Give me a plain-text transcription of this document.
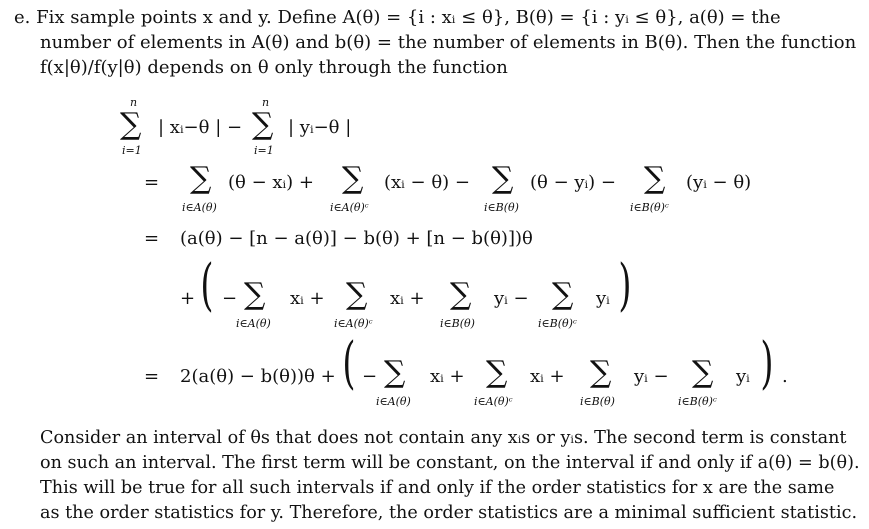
e. Fix sample points x and y. Define A(θ) = {i : xᵢ ≤ θ}, B(θ) = {i : yᵢ ≤ θ}, a(θ) = the
number of elements in A(θ) and b(θ) = the number of elements in B(θ). Then the function
f(x|θ)/f(y|θ) depends on θ only through the function
n
∑
i=1
| xᵢ−θ | −
n
∑
i=1
| yᵢ−θ |
= ∑
i∈A(θ)
(θ − xᵢ) + ∑
i∈A(θ)ᶜ
(xᵢ − θ) − ∑
i∈B(θ)
(θ − yᵢ) − ∑
i∈B(θ)ᶜ
(yᵢ − θ)
= (a(θ) − [n − a(θ)] − b(θ) + [n − b(θ)])θ
+ ( − ∑
i∈A(θ)
xᵢ + ∑
i∈A(θ)ᶜ
xᵢ + ∑
i∈B(θ)
yᵢ − ∑
i∈B(θ)ᶜ
yᵢ )
= 2(a(θ) − b(θ))θ + ( − ∑
i∈A(θ)
xᵢ + ∑
i∈A(θ)ᶜ
xᵢ + ∑
i∈B(θ)
yᵢ − ∑
i∈B(θ)ᶜ
yᵢ ) .
Consider an interval of θs that does not contain any xᵢs or yᵢs. The second term is constant
on such an interval. The first term will be constant, on the interval if and only if a(θ) = b(θ).
This will be true for all such intervals if and only if the order statistics for x are the same
as the order statistics for y. Therefore, the order statistics are a minimal sufficient statistic.
